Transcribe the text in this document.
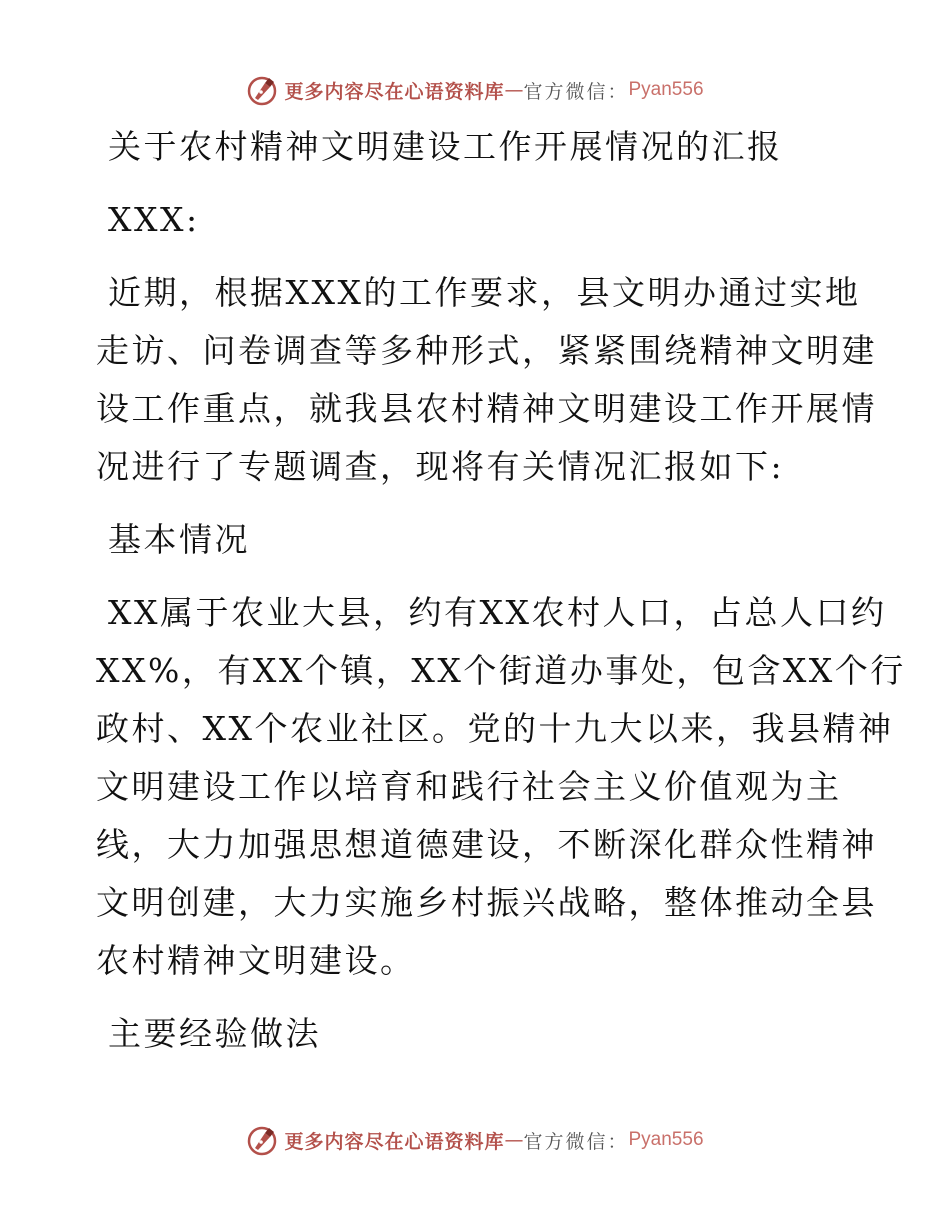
更多内容尽在心语资料库 — 官方微信： Pyan556

关于农村精神文明建设工作开展情况的汇报

XXX:

近期，根据XXX的工作要求，县文明办通过实地

走访、问卷调查等多种形式，紧紧围绕精神文明建

设工作重点，就我县农村精神文明建设工作开展情

况进行了专题调查，现将有关情况汇报如下:

基本情况

XX属于农业大县，约有XX农村人口，占总人口约

XX%，有XX个镇，XX个街道办事处，包含XX个行

政村、XX个农业社区。党的十九大以来，我县精神

文明建设工作以培育和践行社会主义价值观为主

线，大力加强思想道德建设，不断深化群众性精神

文明创建，大力实施乡村振兴战略，整体推动全县

农村精神文明建设。

主要经验做法

更多内容尽在心语资料库 — 官方微信： Pyan556
